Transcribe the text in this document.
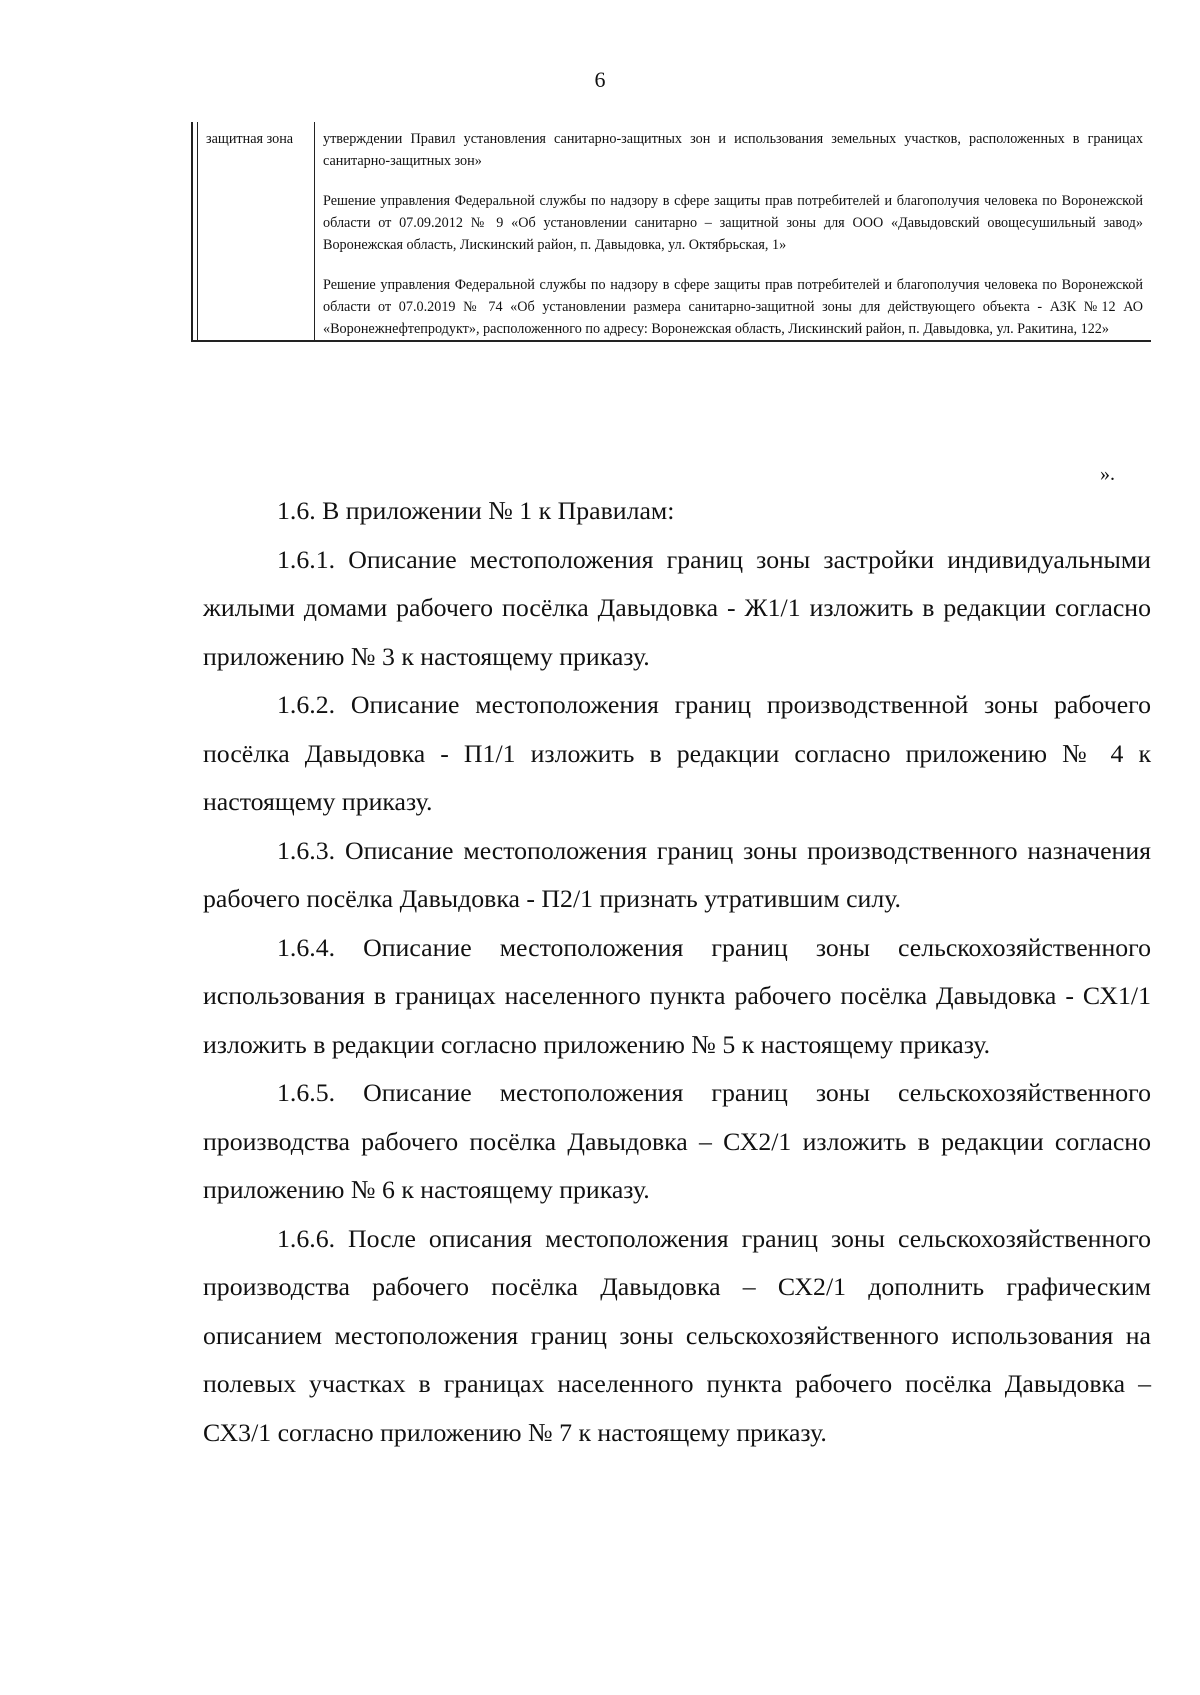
6
	защитная зона	утверждении Правил установления санитарно-защитных зон и использования земельных участков, расположенных в границах санитарно-защитных зон»

Решение управления Федеральной службы по надзору в сфере защиты прав потребителей и благополучия человека по Воронежской области от 07.09.2012 № 9 «Об установлении санитарно – защитной зоны для ООО «Давыдовский овощесушильный завод» Воронежская область, Лискинский район, п. Давыдовка, ул. Октябрьская, 1»

Решение управления Федеральной службы по надзору в сфере защиты прав потребителей и благополучия человека по Воронежской области от 07.0.2019 № 74 «Об установлении размера санитарно-защитной зоны для действующего объекта - АЗК №12 АО «Воронежнефтепродукт», расположенного по адресу: Воронежская область, Лискинский район, п. Давыдовка, ул. Ракитина, 122»

».

1.6. В приложении № 1 к Правилам:

1.6.1. Описание местоположения границ зоны застройки индивидуальными жилыми домами рабочего посёлка Давыдовка - Ж1/1 изложить в редакции согласно приложению № 3 к настоящему приказу.

1.6.2. Описание местоположения границ производственной зоны рабочего посёлка Давыдовка - П1/1 изложить в редакции согласно приложению № 4 к настоящему приказу.

1.6.3. Описание местоположения границ зоны производственного назначения рабочего посёлка Давыдовка - П2/1 признать утратившим силу.

1.6.4. Описание местоположения границ зоны сельскохозяйственного использования в границах населенного пункта рабочего посёлка Давыдовка - СХ1/1 изложить в редакции согласно приложению № 5 к настоящему приказу.

1.6.5. Описание местоположения границ зоны сельскохозяйственного производства рабочего посёлка Давыдовка – СХ2/1 изложить в редакции согласно приложению № 6 к настоящему приказу.

1.6.6. После описания местоположения границ зоны сельскохозяйственного производства рабочего посёлка Давыдовка – СХ2/1 дополнить графическим описанием местоположения границ зоны сельскохозяйственного использования на полевых участках в границах населенного пункта рабочего посёлка Давыдовка – СХ3/1 согласно приложению № 7 к настоящему приказу.
